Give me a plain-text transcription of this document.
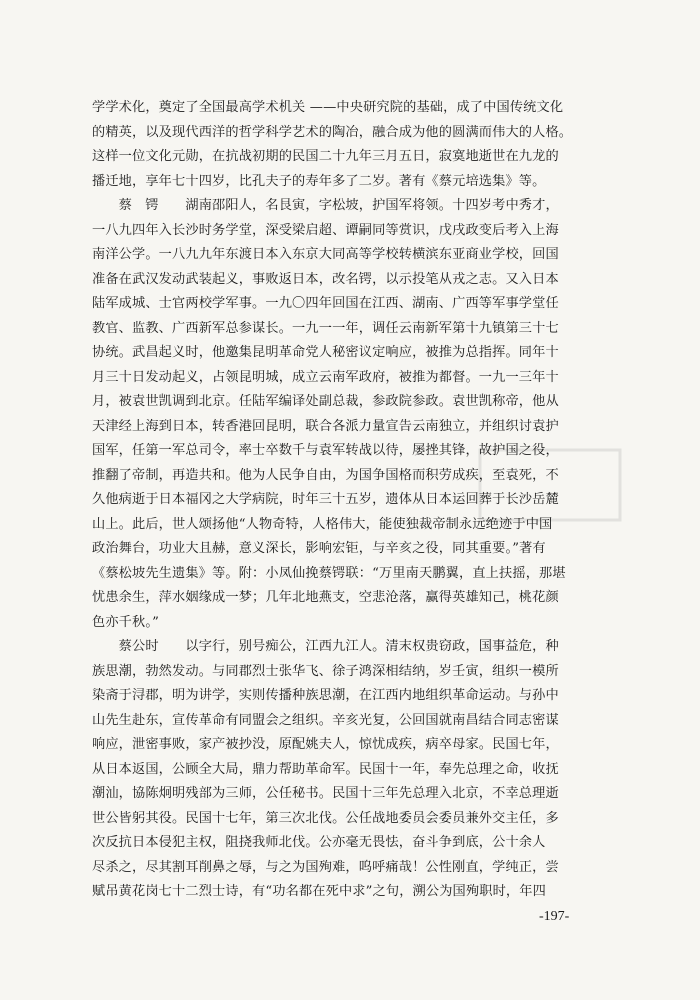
学学术化，奠定了全国最高学术机关 ——中央研究院的基础，成了中国传统文化
的精英，以及现代西洋的哲学科学艺术的陶冶，融合成为他的圆满而伟大的人格。
这样一位文化元勋，在抗战初期的民国二十九年三月五日，寂寞地逝世在九龙的
播迁地，享年七十四岁，比孔夫子的寿年多了二岁。著有《蔡元培选集》等。
　　蔡　锷　　湖南邵阳人，名艮寅，字松坡，护国军将领。十四岁考中秀才，
一八九四年入长沙时务学堂，深受梁启超、谭嗣同等赏识，戊戌政变后考入上海
南洋公学。一八九九年东渡日本入东京大同高等学校转横滨东亚商业学校，回国
准备在武汉发动武装起义，事败返日本，改名锷，以示投笔从戎之志。又入日本
陆军成城、士官两校学军事。一九〇四年回国在江西、湖南、广西等军事学堂任
教官、监教、广西新军总参谋长。一九一一年，调任云南新军第十九镇第三十七
协统。武昌起义时，他邀集昆明革命党人秘密议定响应，被推为总指挥。同年十
月三十日发动起义，占领昆明城，成立云南军政府，被推为都督。一九一三年十
月，被袁世凯调到北京。任陆军编译处副总裁，参政院参政。袁世凯称帝，他从
天津经上海到日本，转香港回昆明，联合各派力量宣告云南独立，并组织讨袁护
国军，任第一军总司令，率士卒数千与袁军转战以待，屡挫其锋，故护国之役，
推翻了帝制，再造共和。他为人民争自由，为国争国格而积劳成疾，至袁死，不
久他病逝于日本福冈之大学病院，时年三十五岁，遗体从日本运回葬于长沙岳麓
山上。此后，世人颂扬他“人物奇特，人格伟大，能使独裁帝制永远绝迹于中国
政治舞台，功业大且赫，意义深长，影响宏钜，与辛亥之役，同其重要。”著有
《蔡松坡先生遗集》等。附：小凤仙挽蔡锷联：“万里南天鹏翼，直上扶摇，那堪
忧患余生，萍水姻缘成一梦；几年北地燕支，空悲沧落，赢得英雄知己，桃花颜
色亦千秋。”
　　蔡公时　　以字行，别号痴公，江西九江人。清末权贵窃政，国事益危，种
族思潮，勃然发动。与同郡烈士张华飞、徐子鸿深相结纳，岁壬寅，组织一模所
染斋于浔郡，明为讲学，实则传播种族思潮，在江西内地组织革命运动。与孙中
山先生赴东，宣传革命有同盟会之组织。辛亥光复，公回国就南昌结合同志密谋
响应，泄密事败，家产被抄没，原配姚夫人，惊忧成疾，病卒母家。民国七年，
从日本返国，公顾全大局，鼎力帮助革命军。民国十一年，奉先总理之命，收抚
潮汕，協陈炯明残部为三师，公任秘书。民国十三年先总理入北京，不幸总理逝
世公皆躬其役。民国十七年，第三次北伐。公任战地委员会委员兼外交主任，多
次反抗日本侵犯主权，阻挠我师北伐。公亦毫无畏怯，奋斗争到底，公十余人
尽杀之，尽其割耳削鼻之辱，与之为国殉难，呜呼痛哉！公性刚直，学纯正，尝
赋吊黄花岗七十二烈士诗，有“功名都在死中求”之句，溯公为国殉职时，年四
-197-
